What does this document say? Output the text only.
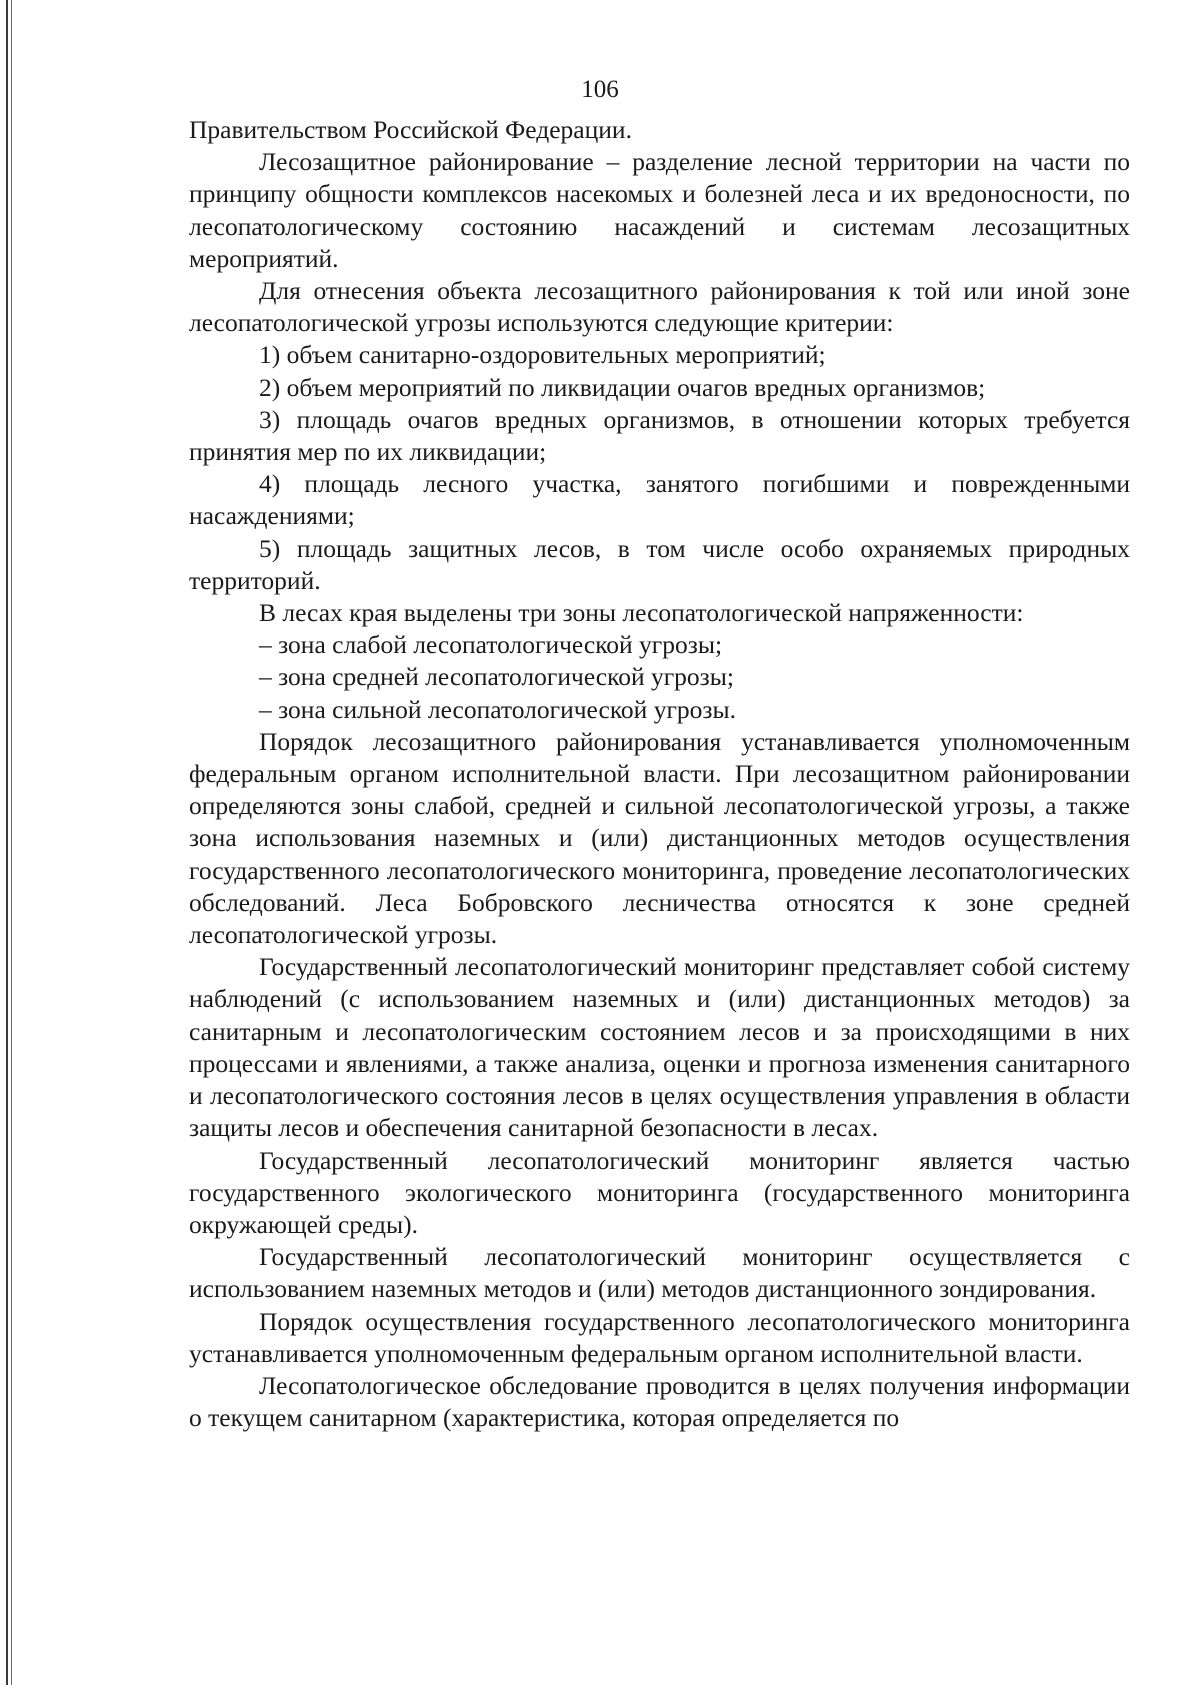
106

Правительством Российской Федерации.

Лесозащитное районирование – разделение лесной территории на части по принципу общности комплексов насекомых и болезней леса и их вредоносности, по лесопатологическому состоянию насаждений и системам лесозащитных мероприятий.

Для отнесения объекта лесозащитного районирования к той или иной зоне лесопатологической угрозы используются следующие критерии:

1) объем санитарно-оздоровительных мероприятий;

2) объем мероприятий по ликвидации очагов вредных организмов;

3) площадь очагов вредных организмов, в отношении которых требуется принятия мер по их ликвидации;

4) площадь лесного участка, занятого погибшими и поврежденными насаждениями;

5) площадь защитных лесов, в том числе особо охраняемых природных территорий.

В лесах края выделены три зоны лесопатологической напряженности:

– зона слабой лесопатологической угрозы;

– зона средней лесопатологической угрозы;

– зона сильной лесопатологической угрозы.

Порядок лесозащитного районирования устанавливается уполномоченным федеральным органом исполнительной власти. При лесозащитном районировании определяются зоны слабой, средней и сильной лесопатологической угрозы, а также зона использования наземных и (или) дистанционных методов осуществления государственного лесопатологического мониторинга, проведение лесопатологических обследований. Леса Бобровского лесничества относятся к зоне средней лесопатологической угрозы.

Государственный лесопатологический мониторинг представляет собой систему наблюдений (с использованием наземных и (или) дистанционных методов) за санитарным и лесопатологическим состоянием лесов и за происходящими в них процессами и явлениями, а также анализа, оценки и прогноза изменения санитарного и лесопатологического состояния лесов в целях осуществления управления в области защиты лесов и обеспечения санитарной безопасности в лесах.

Государственный лесопатологический мониторинг является частью государственного экологического мониторинга (государственного мониторинга окружающей среды).

Государственный лесопатологический мониторинг осуществляется с использованием наземных методов и (или) методов дистанционного зондирования.

Порядок осуществления государственного лесопатологического мониторинга устанавливается уполномоченным федеральным органом исполнительной власти.

Лесопатологическое обследование проводится в целях получения информации о текущем санитарном (характеристика, которая определяется по
